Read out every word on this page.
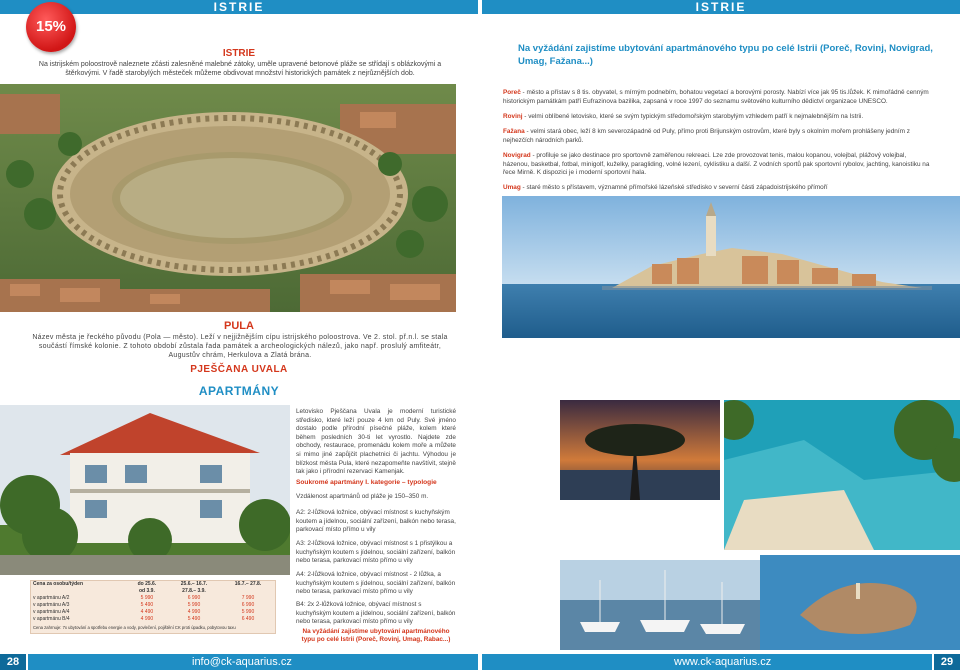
ISTRIE	ISTRIE
15%
ISTRIE
Na istrijském poloostrově naleznete zčásti zalesněné malebné zátoky, uměle upravené betonové pláže se střídají s oblázkovými a štěrkovými. V řadě starobylých městeček můžeme obdivovat množství historických památek z nejrůznějších dob.
PULA
Název města je řeckého původu (Pola — město). Leží v nejjižnějším cípu istrijského poloostrova. Ve 2. stol. př.n.l. se stala součástí římské kolonie. Z tohoto období zůstala řada památek a archeologických nálezů, jako např. proslulý amfiteátr, Augustův chrám, Herkulova a Zlatá brána.
PJEŠČANA UVALA
APARTMÁNY
Cena za osobu/týden	do 25.6.	25.6.– 16.7.	16.7.– 27.8.
	od 3.9.	27.8.– 3.9.	
v apartmánu A/2	5 990	6 990	7 990
v apartmánu A/3	5 490	5 990	6 990
v apartmánu A/4	4 490	4 990	5 990
v apartmánu B/4	4 990	5 490	6 490
Cena zahrnuje: 7x ubytování a spotřebu energie a vody, povlečení, pojištění CK proti úpadku, pobytovou taxu
Letovisko Pješčana Uvala je moderní turistické středisko, které leží pouze 4 km od Puly. Své jméno dostalo podle přírodní písečné pláže, kolem které během posledních 30-ti let vyrostlo. Najdete zde obchody, restaurace, promenádu kolem moře a můžete si mimo jiné zapůjčit plachetnici či jachtu. Výhodou je blízkost města Pula, které nezapomeňte navštívit, stejně tak jako i přírodní rezervaci Kamenjak.
Soukromé apartmány I. kategorie – typologie
Vzdálenost apartmánů od pláže je 150–350 m.
A2: 2-lůžková ložnice, obývací místnost s kuchyňským koutem a jídelnou, sociální zařízení, balkón nebo terasa, parkovací místo přímo u vily
A3: 2-lůžková ložnice, obývací místnost s 1 přistýlkou a kuchyňským koutem s jídelnou, sociální zařízení, balkón nebo terasa, parkovací místo přímo u vily
A4: 2-lůžková ložnice, obývací místnost - 2 lůžka, a kuchyňským koutem s jídelnou, sociální zařízení, balkón nebo terasa, parkovací místo přímo u vily
B4: 2x 2-lůžková ložnice, obývací místnost s kuchyňským koutem a jídelnou, sociální zařízení, balkón nebo terasa, parkovací místo přímo u vily
Na vyžádání zajistíme ubytování apartmánového typu po celé Istrii (Poreč, Rovinj, Umag, Rabac...)
Na vyžádání zajistíme ubytování apartmánového typu po celé Istrii (Poreč, Rovinj, Novigrad, Umag, Fažana...)
Poreč - město a přístav s 8 tis. obyvatel, s mírným podnebím, bohatou vegetací a borovými porosty. Nabízí více jak 95 tis.lůžek. K mimořádně cenným historickým památkám patří Eufrazinova bazilika, zapsaná v roce 1997 do seznamu světového kulturního dědictví organizace UNESCO.
Rovinj - velmi oblíbené letovisko, které se svým typickým středomořským starobylým vzhledem patří k nejmalebnějším na Istrii.
Fažana - velmi stará obec, leží 8 km severozápadně od Puly, přímo proti Brijunským ostrovům, které byly s okolním mořem prohlášeny jedním z nejhezčích národních parků.
Novigrad - profiluje se jako destinace pro sportovně zaměřenou rekreaci. Lze zde provozovat tenis, malou kopanou, volejbal, plážový volejbal, házenou, basketbal, fotbal, minigolf, kuželky, paragliding, volné lezení, cyklistiku a další. Z vodních sportů pak sportovní rybolov, jachting, kanoistiku na řece Mirně. K dispozici je i moderní sportovní hala.
Umag - staré město s přístavem, významné přímořské lázeňské středisko v severní části západoistrijského přímoří
28	info@ck-aquarius.cz	www.ck-aquarius.cz	29
